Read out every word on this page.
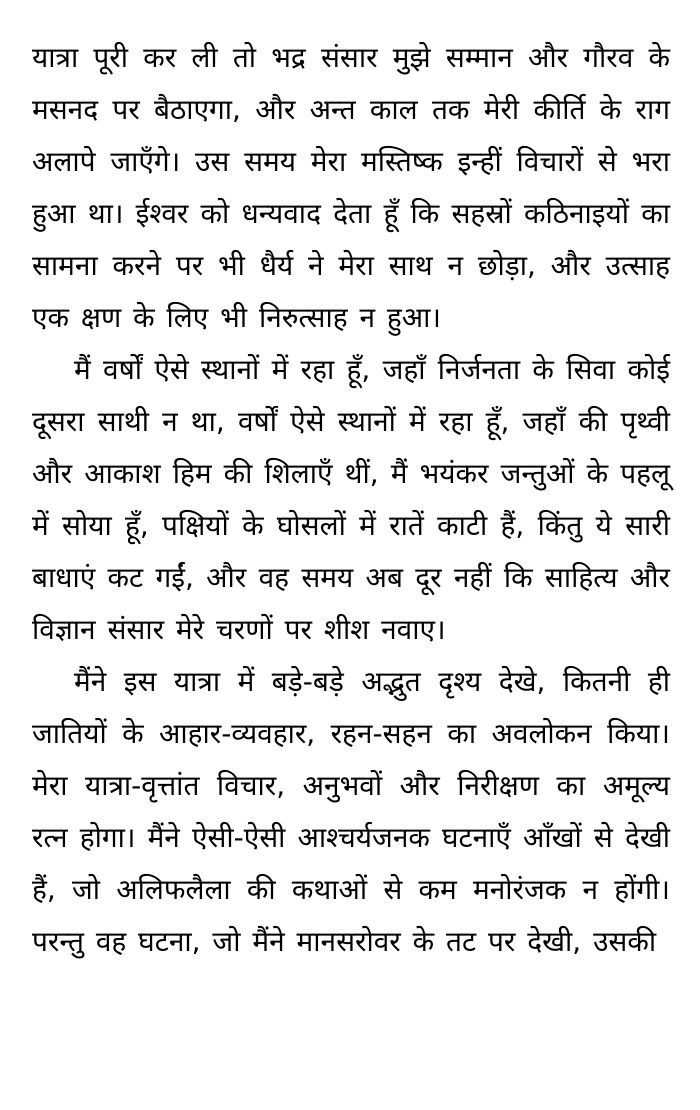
यात्रा पूरी कर ली तो भद्र संसार मुझे सम्मान और गौरव के मसनद पर बैठाएगा, और अन्त काल तक मेरी कीर्ति के राग अलापे जाएँगे। उस समय मेरा मस्तिष्क इन्हीं विचारों से भरा हुआ था। ईश्वर को धन्यवाद देता हूँ कि सहस्रों कठिनाइयों का सामना करने पर भी धैर्य ने मेरा साथ न छोड़ा, और उत्साह एक क्षण के लिए भी निरुत्साह न हुआ।

मैं वर्षों ऐसे स्थानों में रहा हूँ, जहाँ निर्जनता के सिवा कोई दूसरा साथी न था, वर्षों ऐसे स्थानों में रहा हूँ, जहाँ की पृथ्वी और आकाश हिम की शिलाएँ थीं, मैं भयंकर जन्तुओं के पहलू में सोया हूँ, पक्षियों के घोसलों में रातें काटी हैं, किंतु ये सारी बाधाएं कट गईं, और वह समय अब दूर नहीं कि साहित्य और विज्ञान संसार मेरे चरणों पर शीश नवाए।

मैंने इस यात्रा में बड़े-बड़े अद्भुत दृश्य देखे, कितनी ही जातियों के आहार-व्यवहार, रहन-सहन का अवलोकन किया। मेरा यात्रा-वृत्तांत विचार, अनुभवों और निरीक्षण का अमूल्य रत्न होगा। मैंने ऐसी-ऐसी आश्चर्यजनक घटनाएँ आँखों से देखी हैं, जो अलिफलैला की कथाओं से कम मनोरंजक न होंगी। परन्तु वह घटना, जो मैंने मानसरोवर के तट पर देखी, उसकी
